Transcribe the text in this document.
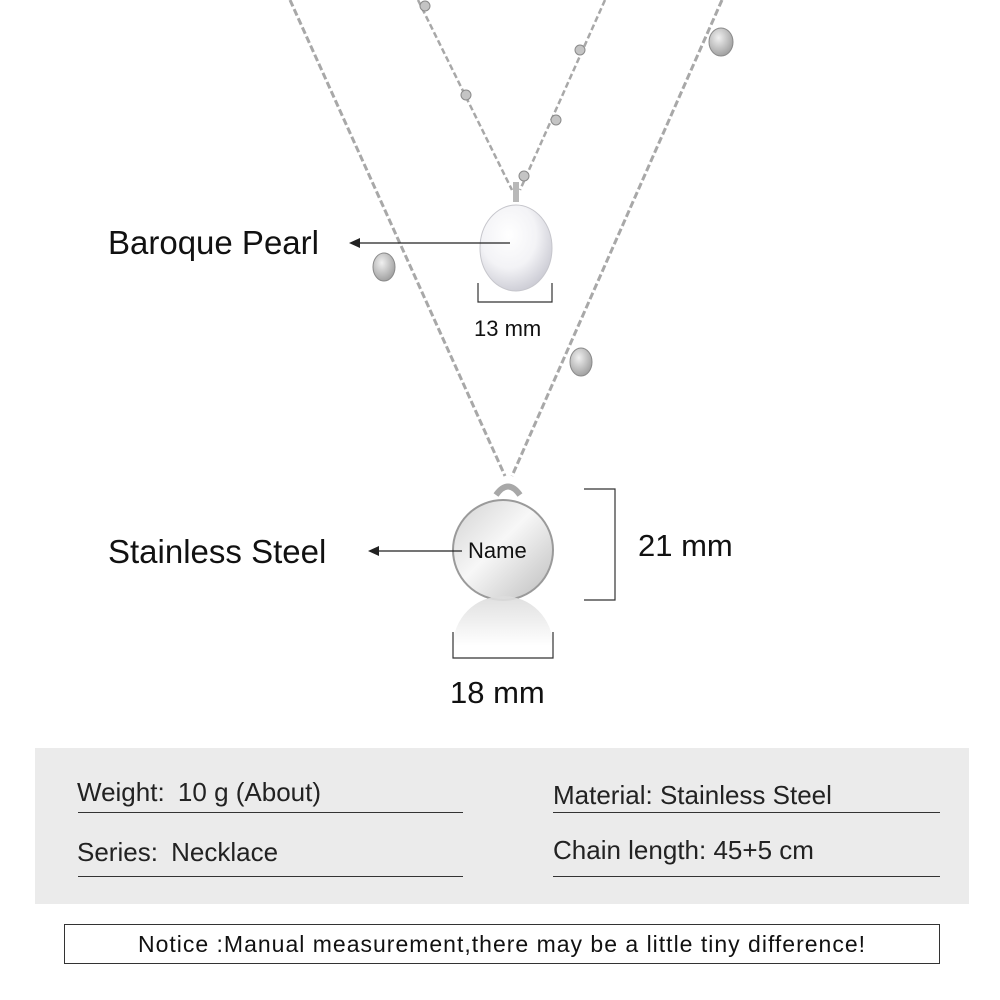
Baroque Pearl
13 mm
Stainless Steel	Name	21 mm
18 mm
Weight: 10 g (About)
Series: Necklace
Material: Stainless Steel
Chain length: 45+5 cm
Notice :Manual measurement,there may be a little tiny difference!
